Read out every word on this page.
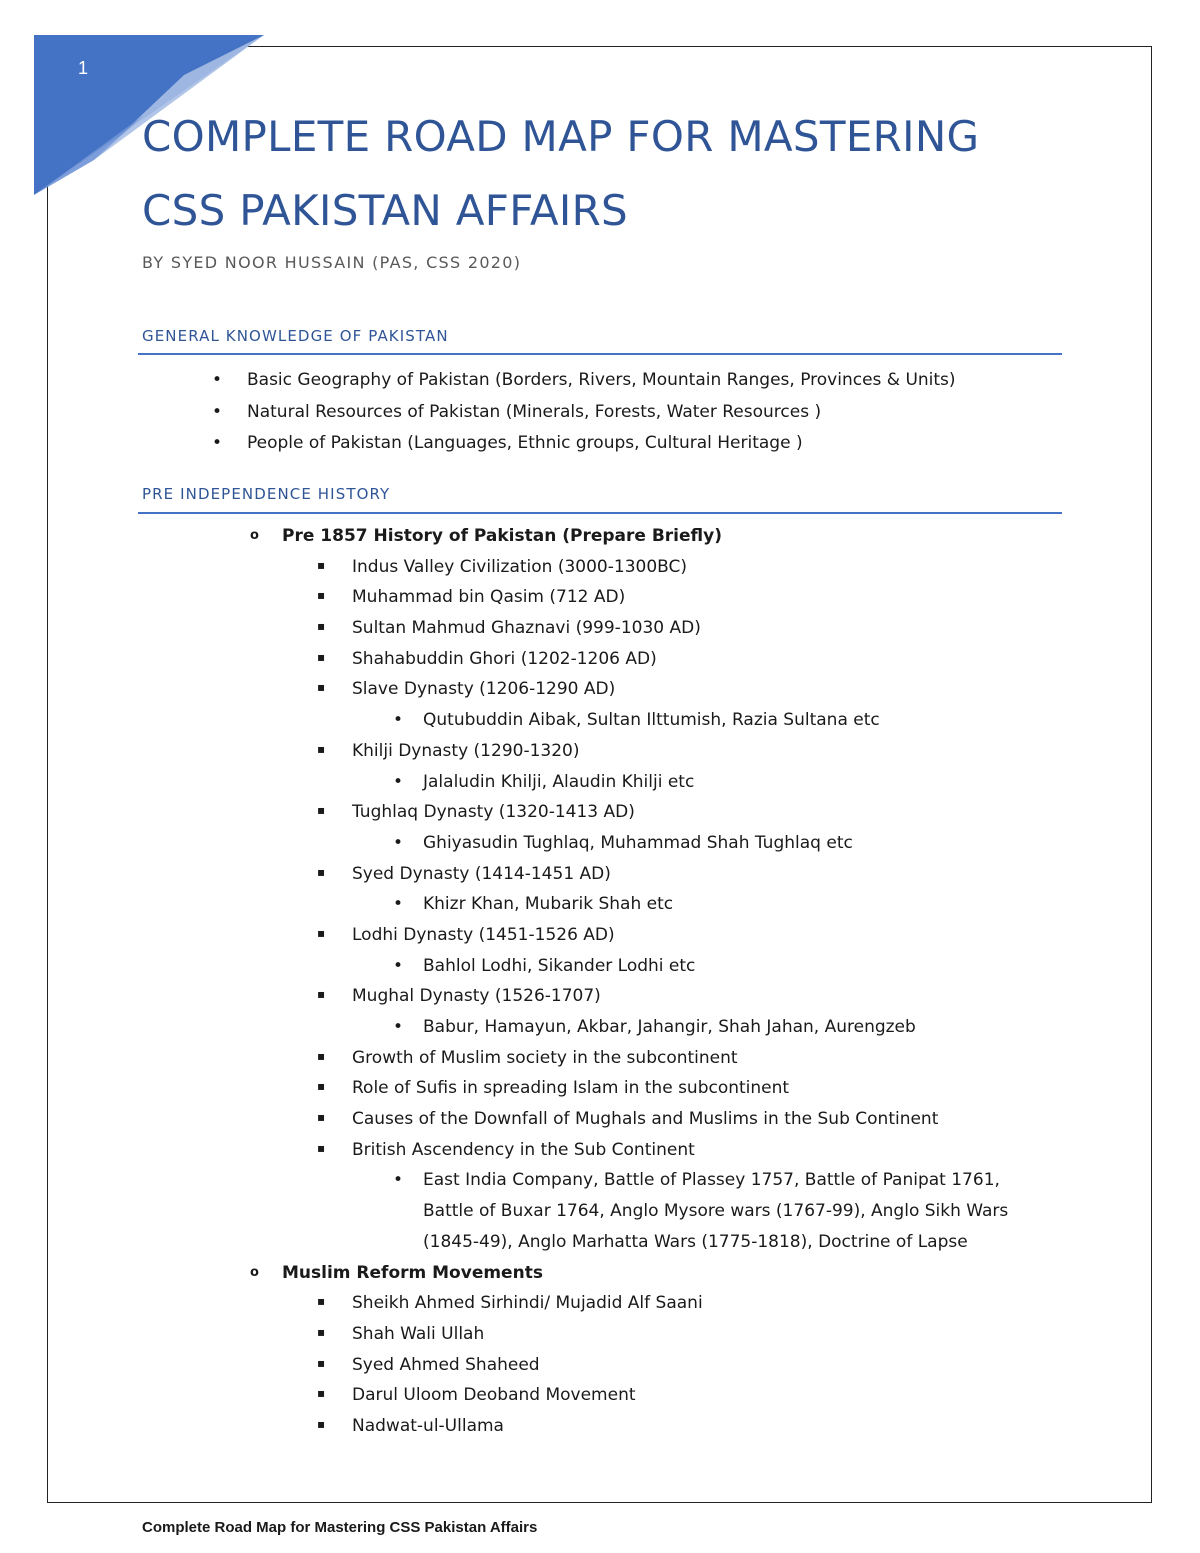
1
COMPLETE ROAD MAP FOR MASTERING
CSS PAKISTAN AFFAIRS
BY SYED NOOR HUSSAIN (PAS, CSS 2020)
GENERAL KNOWLEDGE OF PAKISTAN
• Basic Geography of Pakistan (Borders, Rivers, Mountain Ranges, Provinces & Units)
• Natural Resources of Pakistan (Minerals, Forests, Water Resources )
• People of Pakistan (Languages, Ethnic groups, Cultural Heritage )
PRE INDEPENDENCE HISTORY
o Pre 1857 History of Pakistan (Prepare Briefly)
▪ Indus Valley Civilization (3000-1300BC)
▪ Muhammad bin Qasim (712 AD)
▪ Sultan Mahmud Ghaznavi (999-1030 AD)
▪ Shahabuddin Ghori (1202-1206 AD)
▪ Slave Dynasty (1206-1290 AD)
• Qutubuddin Aibak, Sultan Ilttumish, Razia Sultana etc
▪ Khilji Dynasty (1290-1320)
• Jalaludin Khilji, Alaudin Khilji etc
▪ Tughlaq Dynasty (1320-1413 AD)
• Ghiyasudin Tughlaq, Muhammad Shah Tughlaq etc
▪ Syed Dynasty (1414-1451 AD)
• Khizr Khan, Mubarik Shah etc
▪ Lodhi Dynasty (1451-1526 AD)
• Bahlol Lodhi, Sikander Lodhi etc
▪ Mughal Dynasty (1526-1707)
• Babur, Hamayun, Akbar, Jahangir, Shah Jahan, Aurengzeb
▪ Growth of Muslim society in the subcontinent
▪ Role of Sufis in spreading Islam in the subcontinent
▪ Causes of the Downfall of Mughals and Muslims in the Sub Continent
▪ British Ascendency in the Sub Continent
• East India Company, Battle of Plassey 1757, Battle of Panipat 1761,
Battle of Buxar 1764, Anglo Mysore wars (1767-99), Anglo Sikh Wars
(1845-49), Anglo Marhatta Wars (1775-1818), Doctrine of Lapse
o Muslim Reform Movements
▪ Sheikh Ahmed Sirhindi/ Mujadid Alf Saani
▪ Shah Wali Ullah
▪ Syed Ahmed Shaheed
▪ Darul Uloom Deoband Movement
▪ Nadwat-ul-Ullama
Complete Road Map for Mastering CSS Pakistan Affairs
